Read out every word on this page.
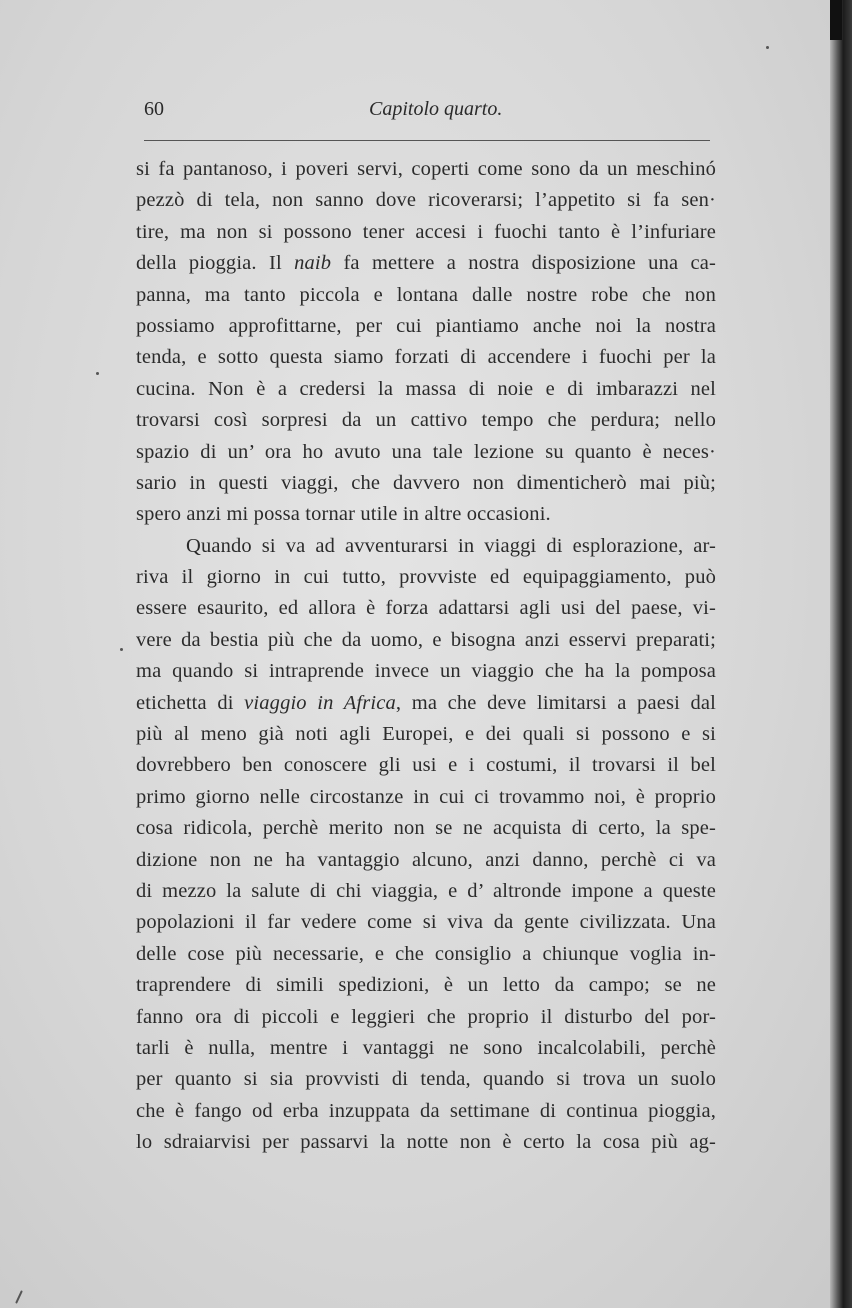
60	Capitolo quarto.
si fa pantanoso, i poveri servi, coperti come sono da un meschinó
pezzò di tela, non sanno dove ricoverarsi; l’appetito si fa sen·
tire, ma non si possono tener accesi i fuochi tanto è l’infuriare
della pioggia. Il naib fa mettere a nostra disposizione una ca-
panna, ma tanto piccola e lontana dalle nostre robe che non
possiamo approfittarne, per cui piantiamo anche noi la nostra
tenda, e sotto questa siamo forzati di accendere i fuochi per la
cucina. Non è a credersi la massa di noie e di imbarazzi nel
trovarsi così sorpresi da un cattivo tempo che perdura; nello
spazio di un’ ora ho avuto una tale lezione su quanto è neces·
sario in questi viaggi, che davvero non dimenticherò mai più;
spero anzi mi possa tornar utile in altre occasioni.
Quando si va ad avventurarsi in viaggi di esplorazione, ar-
riva il giorno in cui tutto, provviste ed equipaggiamento, può
essere esaurito, ed allora è forza adattarsi agli usi del paese, vi-
vere da bestia più che da uomo, e bisogna anzi esservi preparati;
ma quando si intraprende invece un viaggio che ha la pomposa
etichetta di viaggio in Africa, ma che deve limitarsi a paesi dal
più al meno già noti agli Europei, e dei quali si possono e si
dovrebbero ben conoscere gli usi e i costumi, il trovarsi il bel
primo giorno nelle circostanze in cui ci trovammo noi, è proprio
cosa ridicola, perchè merito non se ne acquista di certo, la spe-
dizione non ne ha vantaggio alcuno, anzi danno, perchè ci va
di mezzo la salute di chi viaggia, e d’ altronde impone a queste
popolazioni il far vedere come si viva da gente civilizzata. Una
delle cose più necessarie, e che consiglio a chiunque voglia in-
traprendere di simili spedizioni, è un letto da campo; se ne
fanno ora di piccoli e leggieri che proprio il disturbo del por-
tarli è nulla, mentre i vantaggi ne sono incalcolabili, perchè
per quanto si sia provvisti di tenda, quando si trova un suolo
che è fango od erba inzuppata da settimane di continua pioggia,
lo sdraiarvisi per passarvi la notte non è certo la cosa più ag-
